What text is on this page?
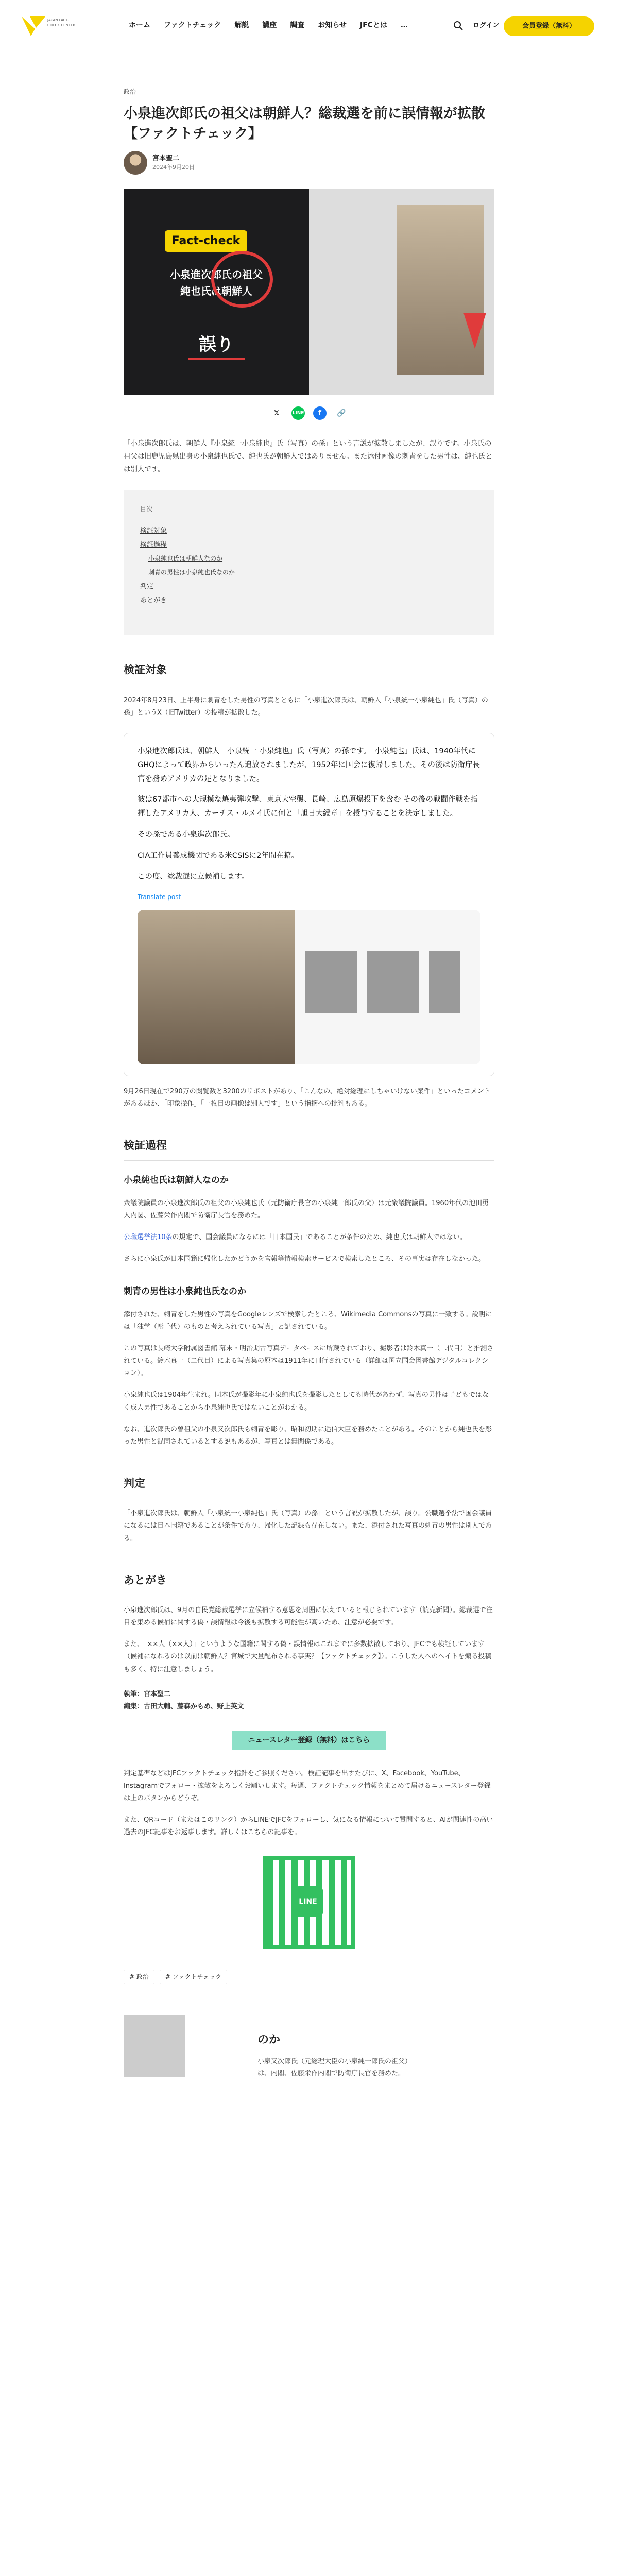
JAPAN FACT-CHECK CENTER	ホーム ファクトチェック 解説 講座 調査 お知らせ JFCとは …	ログイン	会員登録（無料）
政治
小泉進次郎氏の祖父は朝鮮人？総裁選を前に誤情報が拡散【ファクトチェック】
宮本聖二
2024年9月20日
Fact-check
小泉進次郎氏の祖父
純也氏は朝鮮人
誤り
𝕏	LINE	f	🔗

「小泉進次郎氏は、朝鮮人『小泉統一小泉純也』氏（写真）の孫」という言説が拡散しましたが、誤りです。小泉氏の祖父は旧鹿児島県出身の小泉純也氏で、純也氏が朝鮮人ではありません。また添付画像の刺青をした男性は、純也氏とは別人です。

目次
検証対象
検証過程
小泉純也氏は朝鮮人なのか
刺青の男性は小泉純也氏なのか
判定
あとがき
検証対象

2024年8月23日、上半身に刺青をした男性の写真とともに「小泉進次郎氏は、朝鮮人「小泉統一小泉純也」氏（写真）の孫」というX（旧Twitter）の投稿が拡散した。

小泉進次郎氏は、朝鮮人「小泉統一 小泉純也」氏（写真）の孫です。「小泉純也」氏は、1940年代にGHQによって政界からいったん追放されましたが、1952年に国会に復帰しました。その後は防衛庁長官を務めアメリカの足となりました。

彼は67都市への大規模な焼夷弾攻撃、東京大空襲、長崎、広島原爆投下を含む その後の戦闘作戦を指揮したアメリカ人、カーチス・ルメイ氏に何と「旭日大綬章」を授与することを決定しました。

その孫である小泉進次郎氏。

CIA工作員養成機関である米CSISに2年間在籍。

この度、総裁選に立候補します。

Translate post

9月26日現在で290万の閲覧数と3200のリポストがあり、「こんなの、絶対総理にしちゃいけない案件」といったコメントがあるほか、「印象操作」「一枚目の画像は別人です」という指摘への批判もある。

検証過程
小泉純也氏は朝鮮人なのか

衆議院議員の小泉進次郎氏の祖父の小泉純也氏（元防衛庁長官の小泉純一郎氏の父）は元衆議院議員。1960年代の池田勇人内閣、佐藤栄作内閣で防衛庁長官を務めた。

公職選挙法10条の規定で、国会議員になるには「日本国民」であることが条件のため、純也氏は朝鮮人ではない。

さらに小泉氏が日本国籍に帰化したかどうかを官報等情報検索サービスで検索したところ、その事実は存在しなかった。

刺青の男性は小泉純也氏なのか

添付された、刺青をした男性の写真をGoogleレンズで検索したところ、Wikimedia Commonsの写真に一致する。説明には「独学（彫千代）のものと考えられている写真」と記されている。

この写真は長崎大学附属図書館 幕末・明治期古写真データベースに所蔵されており、撮影者は鈴木真一（二代目）と推測されている。鈴木真一（二代目）による写真集の原本は1911年に刊行されている（詳細は国立国会図書館デジタルコレクション）。

小泉純也氏は1904年生まれ。同本氏が撮影年に小泉純也氏を撮影したとしても時代があわず、写真の男性は子どもではなく成人男性であることから小泉純也氏ではないことがわかる。

なお、進次郎氏の曽祖父の小泉又次郎氏も刺青を彫り、昭和初期に逓信大臣を務めたことがある。そのことから純也氏を彫った男性と混同されているとする説もあるが、写真とは無関係である。

判定

「小泉進次郎氏は、朝鮮人「小泉統一小泉純也」氏（写真）の孫」という言説が拡散したが、誤り。公職選挙法で国会議員になるには日本国籍であることが条件であり、帰化した記録も存在しない。また、添付された写真の刺青の男性は別人である。

あとがき

小泉進次郎氏は、9月の自民党総裁選挙に立候補する意思を周囲に伝えていると報じられています（読売新聞）。総裁選で注目を集める候補に関する偽・誤情報は今後も拡散する可能性が高いため、注意が必要です。

また、「××人（××人）」というような国籍に関する偽・誤情報はこれまでに多数拡散しており、JFCでも検証しています（候補になれるのは以前は朝鮮人？宮城で大量配布される事実？【ファクトチェック】）。こうした人へのヘイトを煽る投稿も多く、特に注意しましょう。

執筆：宮本聖二

編集：古田大輔、藤森かもめ、野上英文

ニュースレター登録（無料）はこちら

判定基準などはJFCファクトチェック指針をご参照ください。検証記事を出すたびに、X、Facebook、YouTube、Instagramでフォロー・拡散をよろしくお願いします。毎週、ファクトチェック情報をまとめて届けるニュースレター登録は上のボタンからどうぞ。

また、QRコード（またはこのリンク）からLINEでJFCをフォローし、気になる情報について質問すると、AIが関連性の高い過去のJFC記事をお返事します。詳しくはこちらの記事を。

LINE
# 政治	# ファクトチェック
のか
小泉又次郎氏（元総理大臣の小泉純一郎氏の祖父）は、内閣、佐藤栄作内閣で防衛庁長官を務めた。
